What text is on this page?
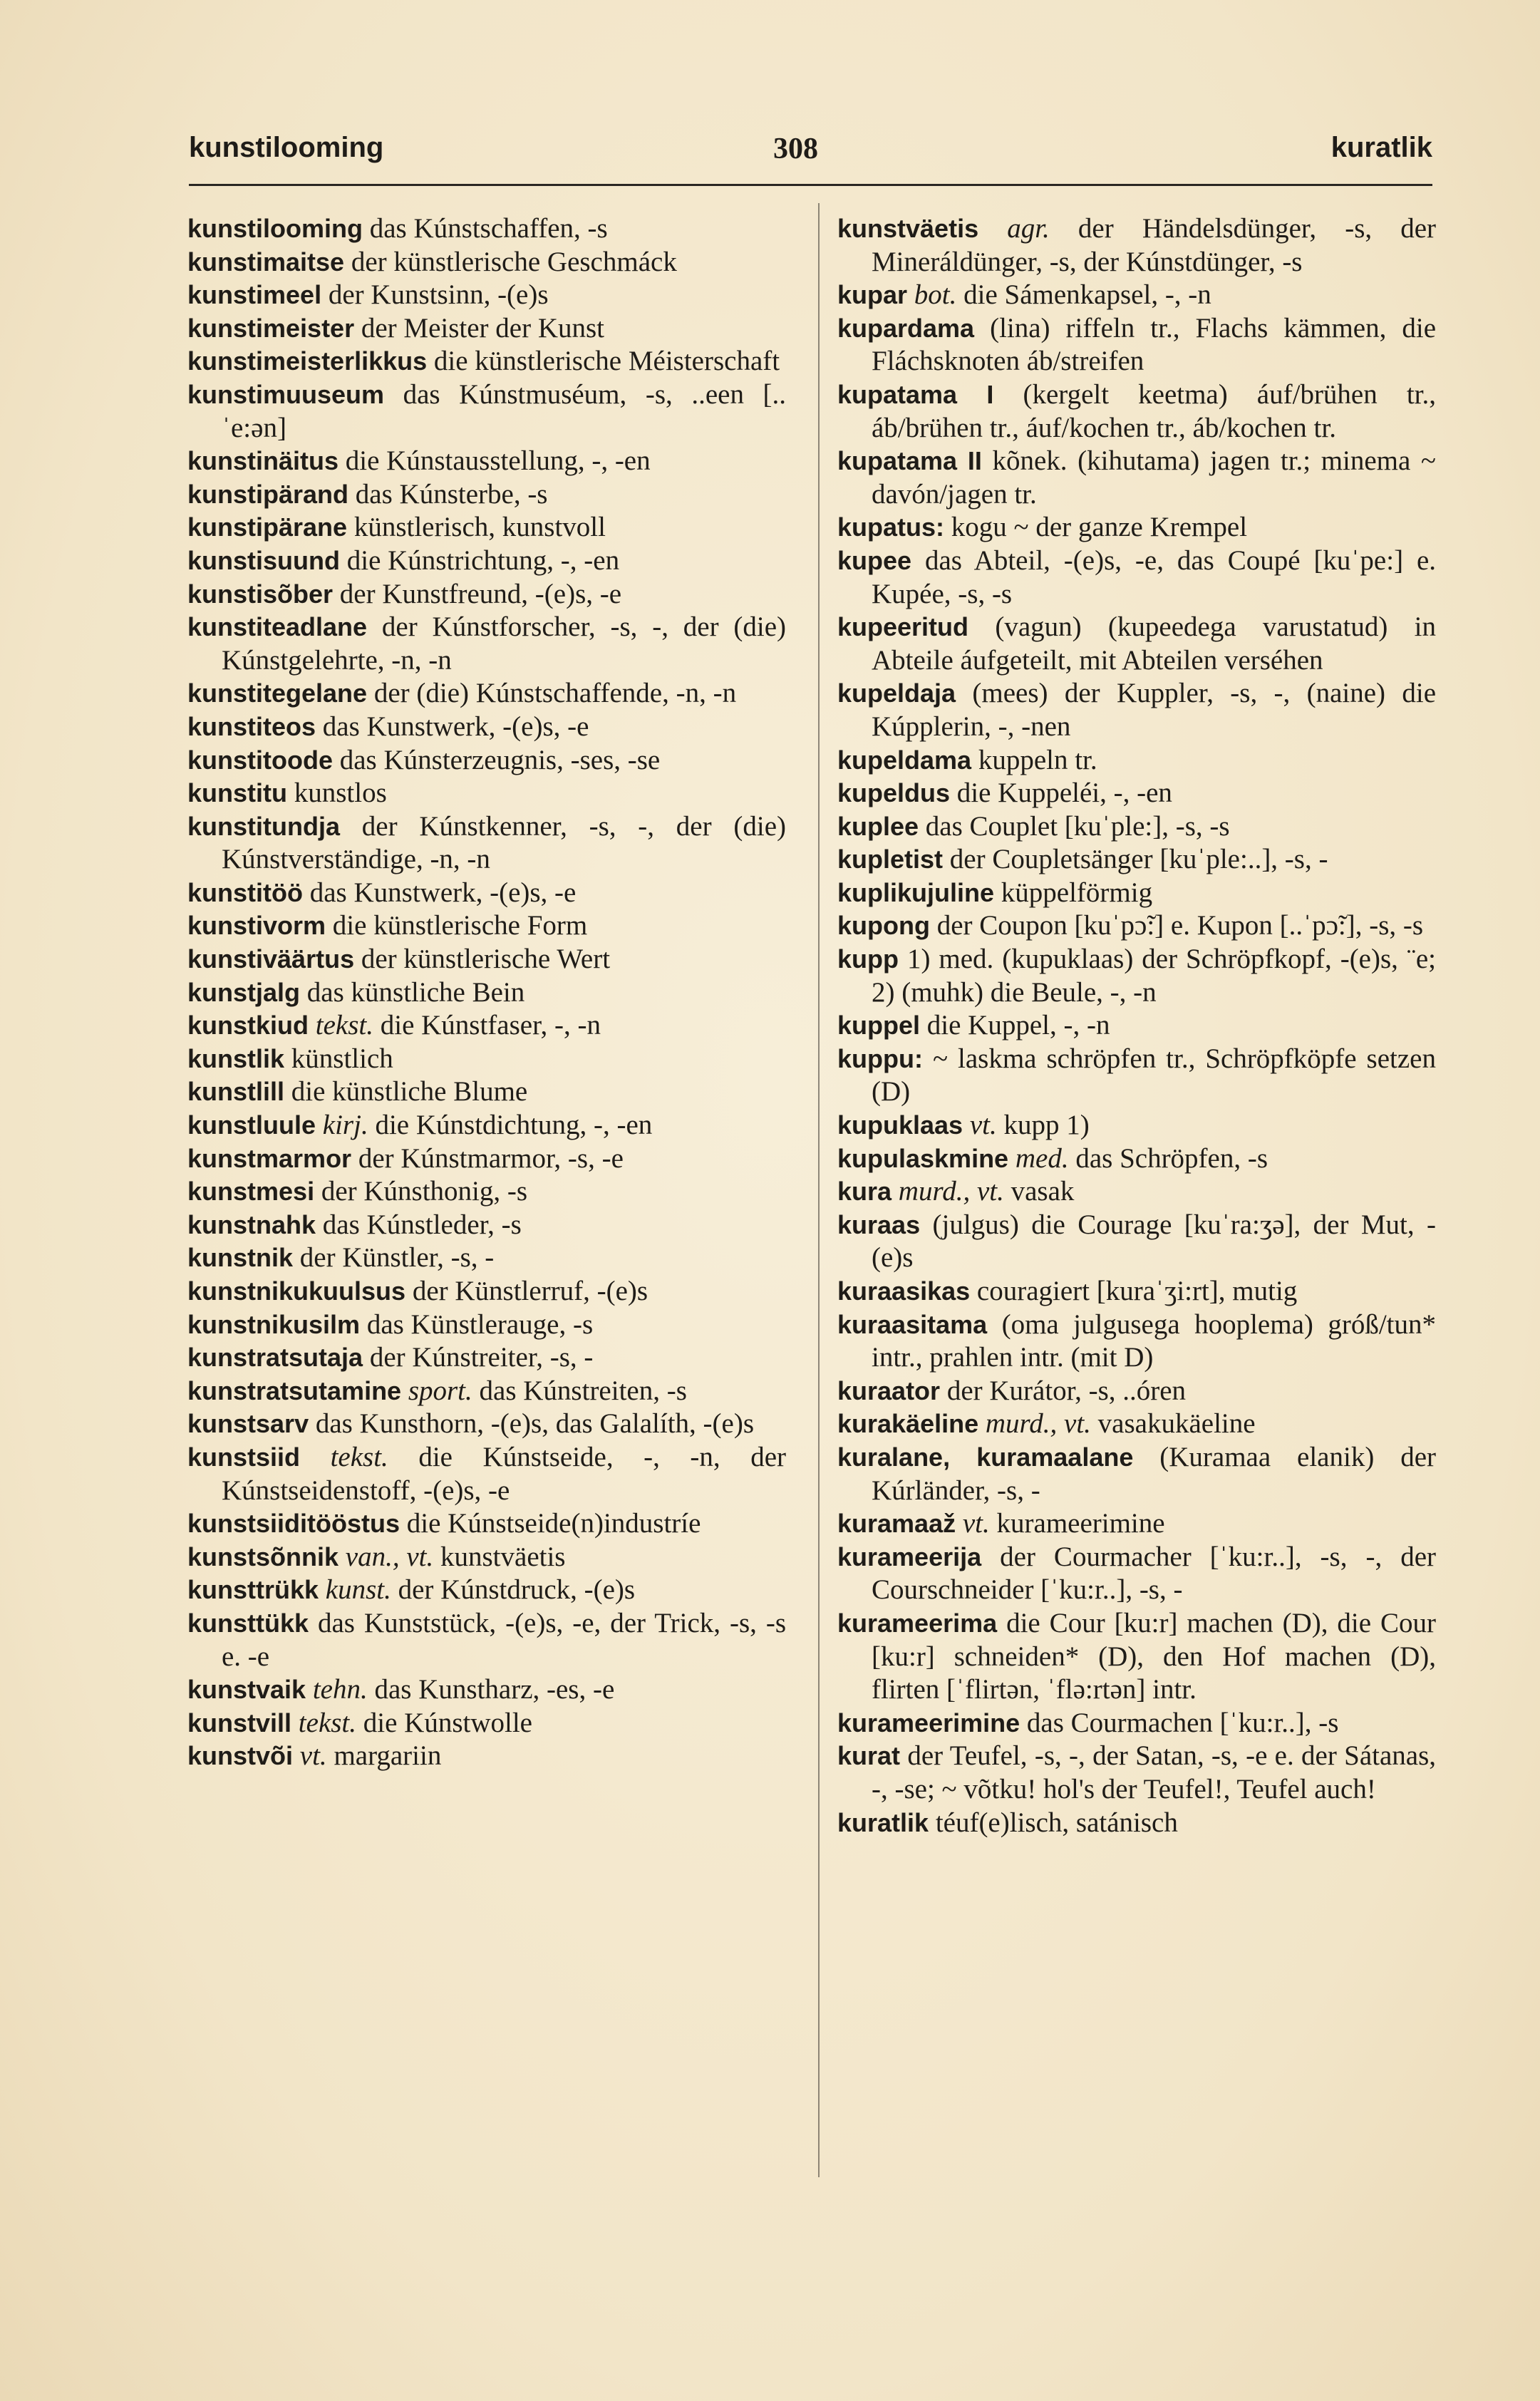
kunstilooming	308	kuratlik

kunstilooming das Kúnstschaffen, -s

kunstimaitse der künstlerische Geschmáck

kunstimeel der Kunstsinn, -(e)s

kunstimeister der Meister der Kunst

kunstimeisterlikkus die künstlerische Méisterschaft

kunstimuuseum das Kúnstmuséum, -s, ..een [..ˈe:ən]

kunstinäitus die Kúnstausstellung, -, -en

kunstipärand das Kúnsterbe, -s

kunstipärane künstlerisch, kunstvoll

kunstisuund die Kúnstrichtung, -, -en

kunstisõber der Kunstfreund, -(e)s, -e

kunstiteadlane der Kúnstforscher, -s, -, der (die) Kúnstgelehrte, -n, -n

kunstitegelane der (die) Kúnstschaffende, -n, -n

kunstiteos das Kunstwerk, -(e)s, -e

kunstitoode das Kúnsterzeugnis, -ses, -se

kunstitu kunstlos

kunstitundja der Kúnstkenner, -s, -, der (die) Kúnstverständige, -n, -n

kunstitöö das Kunstwerk, -(e)s, -e

kunstivorm die künstlerische Form

kunstiväärtus der künstlerische Wert

kunstjalg das künstliche Bein

kunstkiud tekst. die Kúnstfaser, -, -n

kunstlik künstlich

kunstlill die künstliche Blume

kunstluule kirj. die Kúnstdichtung, -, -en

kunstmarmor der Kúnstmarmor, -s, -e

kunstmesi der Kúnsthonig, -s

kunstnahk das Kúnstleder, -s

kunstnik der Künstler, -s, -

kunstnikukuulsus der Künstlerruf, -(e)s

kunstnikusilm das Künstlerauge, -s

kunstratsutaja der Kúnstreiter, -s, -

kunstratsutamine sport. das Kúnstreiten, -s

kunstsarv das Kunsthorn, -(e)s, das Galalíth, -(e)s

kunstsiid tekst. die Kúnstseide, -, -n, der Kúnstseidenstoff, -(e)s, -e

kunstsiiditööstus die Kúnstseide(n)industríe

kunstsõnnik van., vt. kunstväetis

kunsttrükk kunst. der Kúnstdruck, -(e)s

kunsttükk das Kunststück, -(e)s, -e, der Trick, -s, -s e. -e

kunstvaik tehn. das Kunstharz, -es, -e

kunstvill tekst. die Kúnstwolle

kunstvõi vt. margariin

kunstväetis agr. der Händelsdünger, -s, der Mineráldünger, -s, der Kúnstdünger, -s

kupar bot. die Sámenkapsel, -, -n

kupardama (lina) riffeln tr., Flachs kämmen, die Fláchsknoten áb/streifen

kupatama I (kergelt keetma) áuf/brühen tr., áb/brühen tr., áuf/kochen tr., áb/kochen tr.

kupatama II kõnek. (kihutama) jagen tr.; minema ~ davón/jagen tr.

kupatus: kogu ~ der ganze Krempel

kupee das Abteil, -(e)s, -e, das Coupé [kuˈpe:] e. Kupée, -s, -s

kupeeritud (vagun) (kupeedega varustatud) in Abteile áufgeteilt, mit Abteilen verséhen

kupeldaja (mees) der Kuppler, -s, -, (naine) die Kúpplerin, -, -nen

kupeldama kuppeln tr.

kupeldus die Kuppeléi, -, -en

kuplee das Couplet [kuˈple:], -s, -s

kupletist der Coupletsänger [kuˈple:..], -s, -

kuplikujuline küppelförmig

kupong der Coupon [kuˈpɔ̃:] e. Kupon [..ˈpɔ̃:], -s, -s

kupp 1) med. (kupuklaas) der Schröpfkopf, -(e)s, ¨e; 2) (muhk) die Beule, -, -n

kuppel die Kuppel, -, -n

kuppu: ~ laskma schröpfen tr., Schröpfköpfe setzen (D)

kupuklaas vt. kupp 1)

kupulaskmine med. das Schröpfen, -s

kura murd., vt. vasak

kuraas (julgus) die Courage [kuˈra:ʒə], der Mut, -(e)s

kuraasikas couragiert [kuraˈʒi:rt], mutig

kuraasitama (oma julgusega hooplema) gróß/tun* intr., prahlen intr. (mit D)

kuraator der Kurátor, -s, ..óren

kurakäeline murd., vt. vasakukäeline

kuralane, kuramaalane (Kuramaa elanik) der Kúrländer, -s, -

kuramaaž vt. kurameerimine

kurameerija der Courmacher [ˈku:r..], -s, -, der Courschneider [ˈku:r..], -s, -

kurameerima die Cour [ku:r] machen (D), die Cour [ku:r] schneiden* (D), den Hof machen (D), flirten [ˈflirtən, ˈflə:rtən] intr.

kurameerimine das Courmachen [ˈku:r..], -s

kurat der Teufel, -s, -, der Satan, -s, -e e. der Sátanas, -, -se; ~ võtku! hol's der Teufel!, Teufel auch!

kuratlik téuf(e)lisch, satánisch
